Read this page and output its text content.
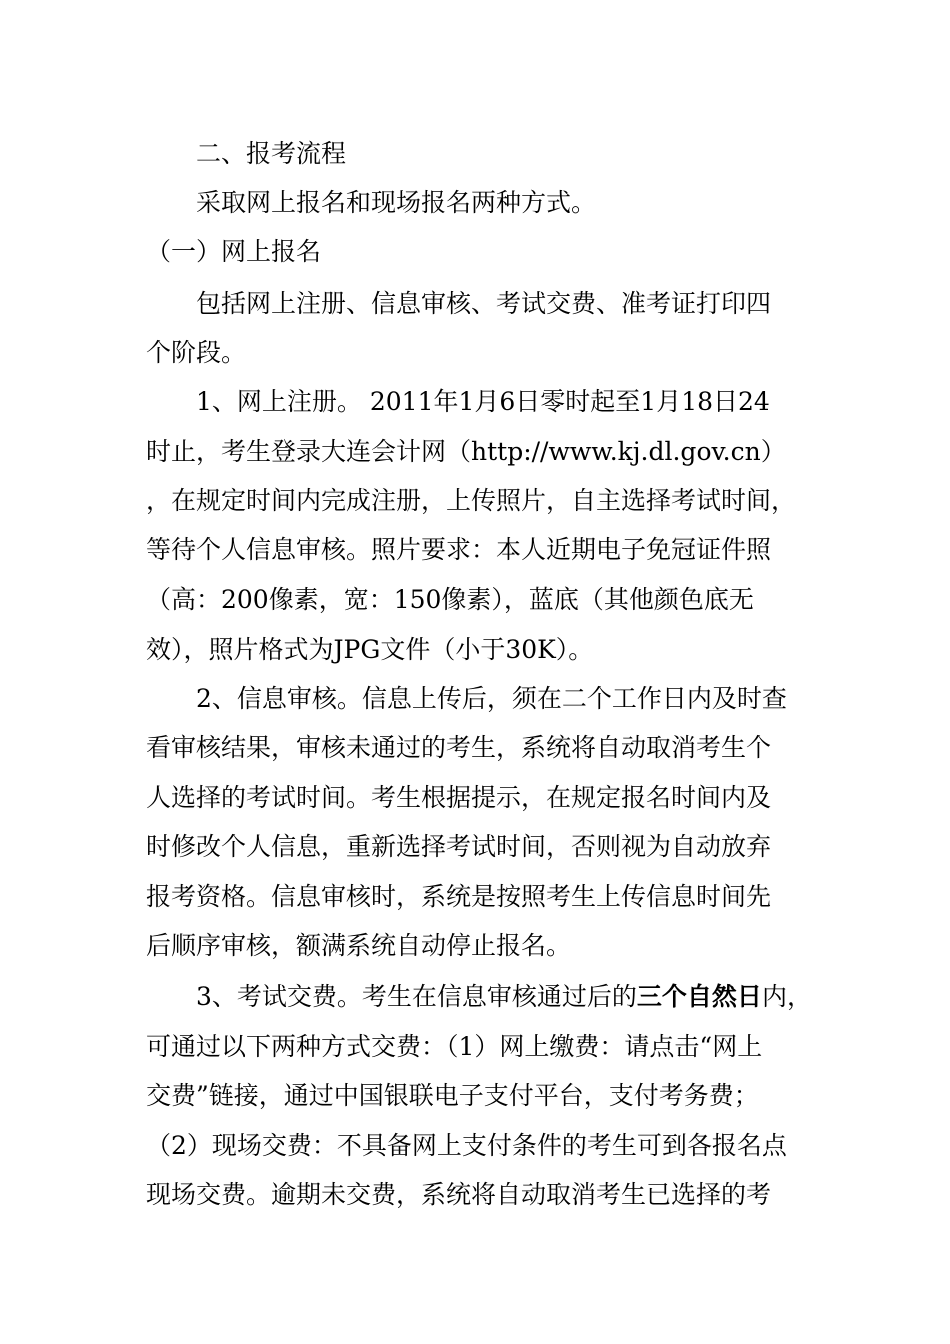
二、报考流程
采取网上报名和现场报名两种方式。
（一）网上报名
包括网上注册、信息审核、考试交费、准考证打印四
个阶段。
1、网上注册。 2011年1月6日零时起至1月18日24
时止，考生登录大连会计网（http://www.kj.dl.gov.cn）
，在规定时间内完成注册，上传照片，自主选择考试时间，
等待个人信息审核。照片要求：本人近期电子免冠证件照
（高：200像素，宽：150像素），蓝底（其他颜色底无
效），照片格式为JPG文件（小于30K）。
2、信息审核。信息上传后，须在二个工作日内及时查
看审核结果，审核未通过的考生，系统将自动取消考生个
人选择的考试时间。考生根据提示，在规定报名时间内及
时修改个人信息，重新选择考试时间，否则视为自动放弃
报考资格。信息审核时，系统是按照考生上传信息时间先
后顺序审核，额满系统自动停止报名。
3、考试交费。考生在信息审核通过后的三个自然日内，
可通过以下两种方式交费：（1）网上缴费：请点击“网上
交费”链接，通过中国银联电子支付平台，支付考务费；
（2）现场交费：不具备网上支付条件的考生可到各报名点
现场交费。逾期未交费，系统将自动取消考生已选择的考
